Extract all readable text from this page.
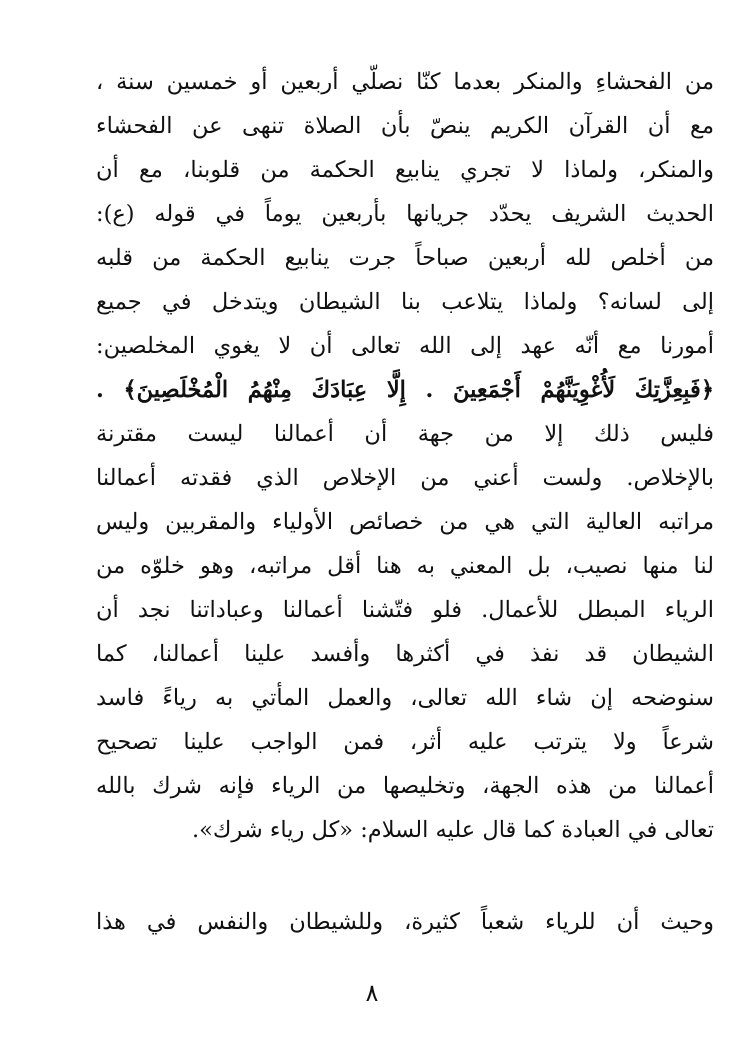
من الفحشاءِ والمنكر بعدما كنّا نصلّي أربعين أو خمسين سنة ،
مع أن القرآن الكريم ينصّ بأن الصلاة تنهى عن الفحشاء
والمنكر، ولماذا لا تجري ينابيع الحكمة من قلوبنا، مع أن
الحديث الشريف يحدّد جريانها بأربعين يوماً في قوله (ع):
من أخلص لله أربعين صباحاً جرت ينابيع الحكمة من قلبه
إلى لسانه؟ ولماذا يتلاعب بنا الشيطان ويتدخل في جميع
أمورنا مع أنّه عهد إلى الله تعالى أن لا يغوي المخلصين:
﴿فَبِعِزَّتِكَ لَأُغْوِيَنَّهُمْ أَجْمَعِينَ . إِلَّا عِبَادَكَ مِنْهُمُ الْمُخْلَصِينَ﴾ .
فليس ذلك إلا من جهة أن أعمالنا ليست مقترنة
بالإخلاص. ولست أعني من الإخلاص الذي فقدته أعمالنا
مراتبه العالية التي هي من خصائص الأولياء والمقربين وليس
لنا منها نصيب، بل المعني به هنا أقل مراتبه، وهو خلوّه من
الرياء المبطل للأعمال. فلو فتّشنا أعمالنا وعباداتنا نجد أن
الشيطان قد نفذ في أكثرها وأفسد علينا أعمالنا، كما
سنوضحه إن شاء الله تعالى، والعمل المأتي به رياءً فاسد
شرعاً ولا يترتب عليه أثر، فمن الواجب علينا تصحيح
أعمالنا من هذه الجهة، وتخليصها من الرياء فإنه شرك بالله
تعالى في العبادة كما قال عليه السلام: «كل رياء شرك».
وحيث أن للرياء شعباً كثيرة، وللشيطان والنفس في هذا
٨
